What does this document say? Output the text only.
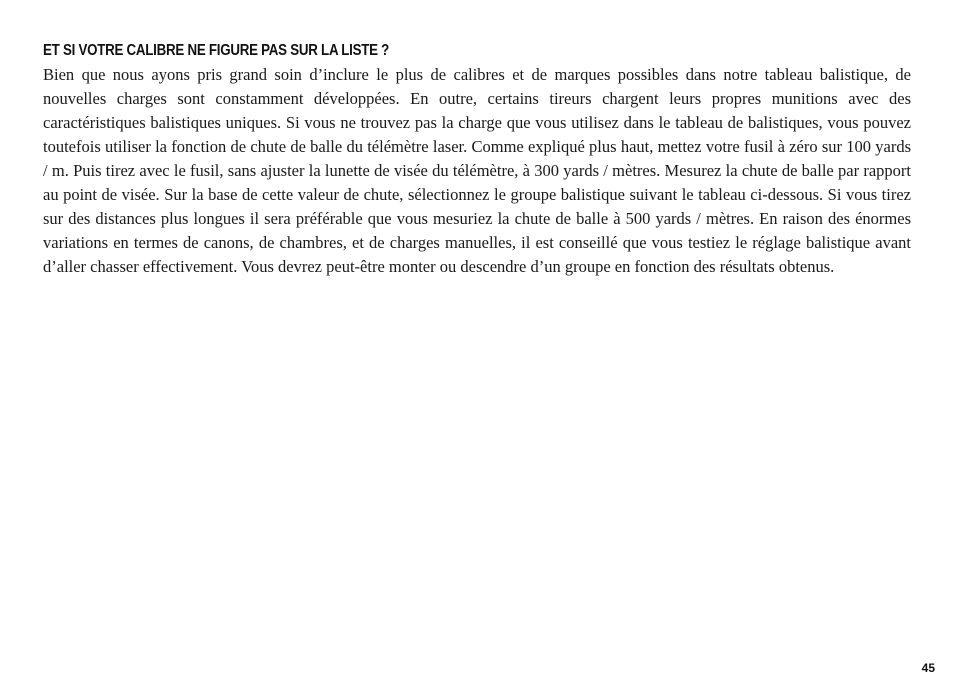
ET SI VOTRE CALIBRE NE FIGURE PAS SUR LA LISTE ?

Bien que nous ayons pris grand soin d’inclure le plus de calibres et de marques possibles dans notre tableau balistique, de nouvelles charges sont constamment développées. En outre, certains tireurs chargent leurs propres munitions avec des caractéristiques balistiques uniques. Si vous ne trouvez pas la charge que vous utilisez dans le tableau de balistiques, vous pouvez toutefois utiliser la fonction de chute de balle du télémètre laser. Comme expliqué plus haut, mettez votre fusil à zéro sur 100 yards / m. Puis tirez avec le fusil, sans ajuster la lunette de visée du télémètre, à 300 yards / mètres. Mesurez la chute de balle par rapport au point de visée. Sur la base de cette valeur de chute, sélectionnez le groupe balistique suivant le tableau ci-dessous. Si vous tirez sur des distances plus longues il sera préférable que vous mesuriez la chute de balle à 500 yards / mètres. En raison des énormes variations en termes de canons, de chambres, et de charges manuelles, il est conseillé que vous testiez le réglage balistique avant d’aller chasser effectivement. Vous devrez peut-être monter ou descendre d’un groupe en fonction des résultats obtenus.

45
